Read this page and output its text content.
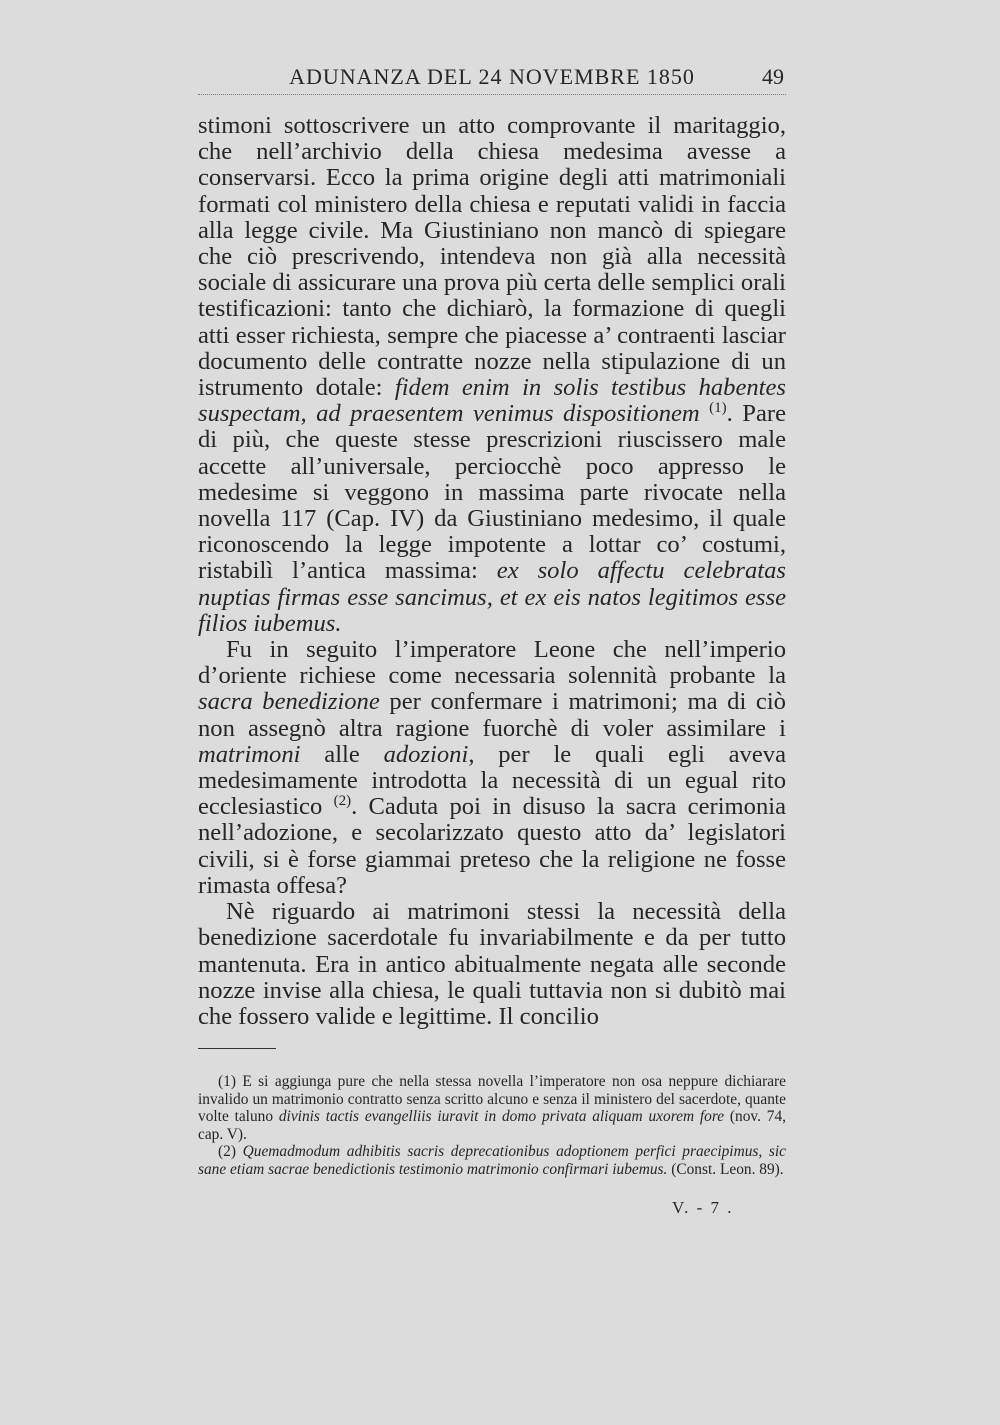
ADUNANZA DEL 24 NOVEMBRE 1850	49

stimoni sottoscrivere un atto comprovante il maritaggio, che nell’archivio della chiesa medesima avesse a conservarsi. Ecco la prima origine degli atti matrimoniali formati col ministero della chiesa e reputati validi in faccia alla legge civile. Ma Giustiniano non mancò di spiegare che ciò prescrivendo, intendeva non già alla necessità sociale di assicurare una prova più certa delle semplici orali testificazioni: tanto che dichiarò, la formazione di quegli atti esser richiesta, sempre che piacesse a’ contraenti lasciar documento delle contratte nozze nella stipulazione di un istrumento dotale: fidem enim in solis testibus habentes suspectam, ad praesentem venimus dispositionem $^{(1)}$. Pare di più, che queste stesse prescrizioni riuscissero male accette all’universale, perciocchè poco appresso le medesime si veggono in massima parte rivocate nella novella 117 (Cap. IV) da Giustiniano medesimo, il quale riconoscendo la legge impotente a lottar co’ costumi, ristabilì l’antica massima: ex solo affectu celebratas nuptias firmas esse sancimus, et ex eis natos legitimos esse filios iubemus.

Fu in seguito l’imperatore Leone che nell’imperio d’oriente richiese come necessaria solennità probante la sacra benedizione per confermare i matrimoni; ma di ciò non assegnò altra ragione fuorchè di voler assimilare i matrimoni alle adozioni, per le quali egli aveva medesimamente introdotta la necessità di un egual rito ecclesiastico $^{(2)}$. Caduta poi in disuso la sacra cerimonia nell’adozione, e secolarizzato questo atto da’ legislatori civili, si è forse giammai preteso che la religione ne fosse rimasta offesa?

Nè riguardo ai matrimoni stessi la necessità della benedizione sacerdotale fu invariabilmente e da per tutto mantenuta. Era in antico abitualmente negata alle seconde nozze invise alla chiesa, le quali tuttavia non si dubitò mai che fossero valide e legittime. Il concilio

(1) E si aggiunga pure che nella stessa novella l’imperatore non osa neppure dichiarare invalido un matrimonio contratto senza scritto alcuno e senza il ministero del sacerdote, quante volte taluno divinis tactis evangelliis iuravit in domo privata aliquam uxorem fore (nov. 74, cap. V).

(2) Quemadmodum adhibitis sacris deprecationibus adoptionem perfici praecipimus, sic sane etiam sacrae benedictionis testimonio matrimonio confirmari iubemus. (Const. Leon. 89).

V. - 7 .
